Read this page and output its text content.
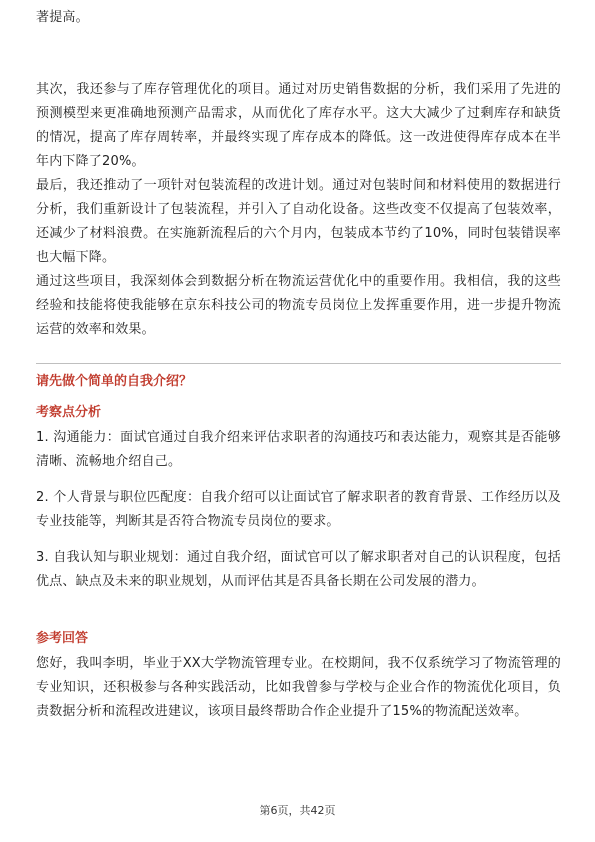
著提高。

其次，我还参与了库存管理优化的项目。通过对历史销售数据的分析，我们采用了先进的预测模型来更准确地预测产品需求，从而优化了库存水平。这大大减少了过剩库存和缺货的情况，提高了库存周转率，并最终实现了库存成本的降低。这一改进使得库存成本在半年内下降了20%。

最后，我还推动了一项针对包装流程的改进计划。通过对包装时间和材料使用的数据进行分析，我们重新设计了包装流程，并引入了自动化设备。这些改变不仅提高了包装效率，还减少了材料浪费。在实施新流程后的六个月内，包装成本节约了10%，同时包装错误率也大幅下降。

通过这些项目，我深刻体会到数据分析在物流运营优化中的重要作用。我相信，我的这些经验和技能将使我能够在京东科技公司的物流专员岗位上发挥重要作用，进一步提升物流运营的效率和效果。

请先做个简单的自我介绍？
考察点分析

1. 沟通能力：面试官通过自我介绍来评估求职者的沟通技巧和表达能力，观察其是否能够清晰、流畅地介绍自己。

2. 个人背景与职位匹配度：自我介绍可以让面试官了解求职者的教育背景、工作经历以及专业技能等，判断其是否符合物流专员岗位的要求。

3. 自我认知与职业规划：通过自我介绍，面试官可以了解求职者对自己的认识程度，包括优点、缺点及未来的职业规划，从而评估其是否具备长期在公司发展的潜力。

参考回答

您好，我叫李明，毕业于XX大学物流管理专业。在校期间，我不仅系统学习了物流管理的专业知识，还积极参与各种实践活动，比如我曾参与学校与企业合作的物流优化项目，负责数据分析和流程改进建议，该项目最终帮助合作企业提升了15%的物流配送效率。

第6页，共42页
